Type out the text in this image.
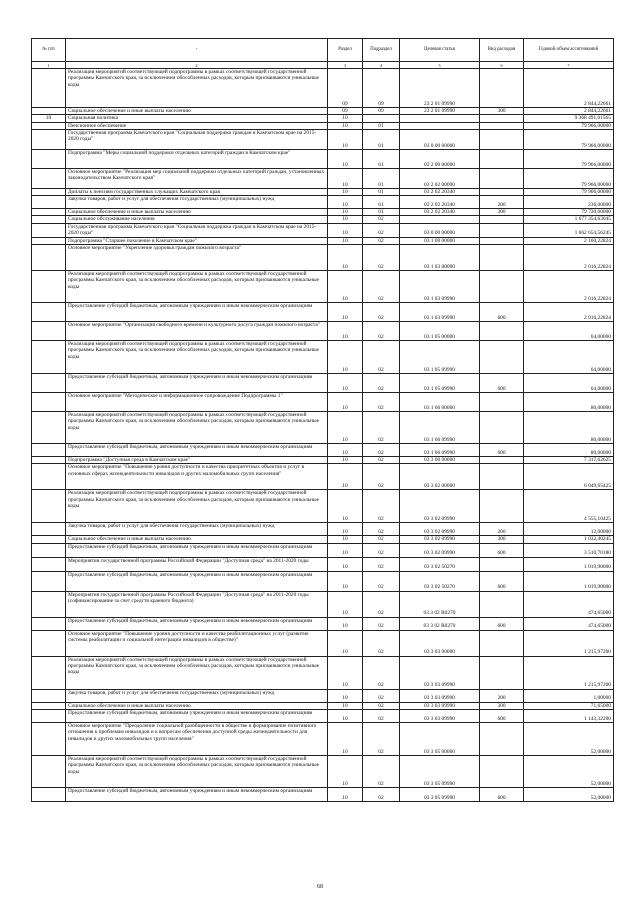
№ п/п	-	Раздел	Подраздел	Целевая статья	Вид расходов	Годовой объем ассигнований
1	2	3	4	5	6	7
	Реализация мероприятий соответствующей подпрограммы в рамках соответствующей государственной программы Камчатского края, за исключением обособленных расходов, которым присваиваются уникальные коды	09	09	23 2 01 09990		2 844,22661
	Социальное обеспечение и иные выплаты населению	09	09	23 2 01 09990	300	2 844,22661
10	Социальная политика	10				9 368 491,61565
	Пенсионное обеспечение	10	01			79 966,00000
	Государственная программа Камчатского края "Социальная поддержка граждан в Камчатском крае на 2015-2020 годы"	10	01	03 0 00 00000		79 966,00000
	Подпрограмма "Меры социальной поддержки отдельных категорий граждан в Камчатском крае"	10	01	03 2 00 00000		79 966,00000
	Основное мероприятие "Реализация мер социальной поддержки отдельных категорий граждан, установленных законодательством Камчатского края"	10	01	03 2 02 00000		79 966,00000
	Доплаты к пенсиям государственных служащих Камчатского края	10	01	03 2 02 20340		79 966,00000
	Закупка товаров, работ и услуг для обеспечения государственных (муниципальных) нужд	10	01	03 2 02 20340	200	236,00000
	Социальное обеспечение и иные выплаты населению	10	01	03 2 02 20340	300	79 730,00000
	Социальное обслуживание населения	10	02			1 677 354,63045
	Государственная программа Камчатского края "Социальная поддержка граждан в Камчатском крае на 2015-2020 годы"	10	02	03 0 00 00000		1 662 654,56245
	Подпрограмма "Старшее поколение в Камчатском крае"	10	02	03 1 00 00000		2 160,22824
	Основное мероприятие "Укрепление здоровья граждан пожилого возраста"	10	02	03 1 03 00000		2 016,22824
	Реализация мероприятий соответствующей подпрограммы в рамках соответствующей государственной программы Камчатского края, за исключением обособленных расходов, которым присваиваются уникальные коды	10	02	03 1 03 09990		2 016,22824
	Предоставление субсидий бюджетным, автономным учреждениям и иным некоммерческим организациям	10	02	03 1 03 09990	600	2 016,22824
	Основное мероприятие "Организация свободного времени и культурного досуга граждан пожилого возраста"	10	02	03 1 05 00000		64,00000
	Реализация мероприятий соответствующей подпрограммы в рамках соответствующей государственной программы Камчатского края, за исключением обособленных расходов, которым присваиваются уникальные коды	10	02	03 1 05 09990		64,00000
	Предоставление субсидий бюджетным, автономным учреждениям и иным некоммерческим организациям	10	02	03 1 05 09990	600	64,00000
	Основное мероприятие "Методическое и информационное сопровождение Подпрограммы 1"	10	02	03 1 06 00000		80,00000
	Реализация мероприятий соответствующей подпрограммы в рамках соответствующей государственной программы Камчатского края, за исключением обособленных расходов, которым присваиваются уникальные коды	10	02	03 1 06 09990		80,00000
	Предоставление субсидий бюджетным, автономным учреждениям и иным некоммерческим организациям	10	02	03 1 06 09990	600	80,00000
	Подпрограмма "Доступная среда в Камчатском крае"	10	02	03 3 00 00000		7 317,62625
	Основное мероприятие "Повышение уровня доступности и качества приоритетных объектов и услуг в основных сферах жизнедеятельности инвалидов и других маломобильных групп населения"	10	02	03 3 02 00000		6 049,65425
	Реализация мероприятий соответствующей подпрограммы в рамках соответствующей государственной программы Камчатского края, за исключением обособленных расходов, которым присваиваются уникальные коды	10	02	03 3 02 09990		4 555,10425
	Закупка товаров, работ и услуг для обеспечения государственных (муниципальных) нужд	10	02	03 3 02 09990	200	12,00000
	Социальное обеспечение и иные выплаты населению	10	02	03 3 02 09990	300	1 032,40245
	Предоставление субсидий бюджетным, автономным учреждениям и иным некоммерческим организациям	10	02	03 3 02 09990	600	3 510,70180
	Мероприятия государственной программы Российской Федерации "Доступная среда" на 2011-2020 годы	10	02	03 3 02 50270		1 019,90000
	Предоставление субсидий бюджетным, автономным учреждениям и иным некоммерческим организациям	10	02	03 3 02 50270	600	1 019,90000
	Мероприятия государственной программы Российской Федерации "Доступная среда" на 2011-2020 годы (софинансирование за счет средств краевого бюджета)	10	02	03 3 02 R0270		474,65000
	Предоставление субсидий бюджетным, автономным учреждениям и иным некоммерческим организациям	10	02	03 3 02 R0270	600	474,65000
	Основное мероприятие "Повышение уровня доступности и качества реабилитационных услуг (развитие системы реабилитации и социальной интеграции инвалидов в обществе)"	10	02	03 3 03 00000		1 215,97200
	Реализация мероприятий соответствующей подпрограммы в рамках соответствующей государственной программы Камчатского края, за исключением обособленных расходов, которым присваиваются уникальные коды	10	02	03 3 03 09990		1 215,97200
	Закупка товаров, работ и услуг для обеспечения государственных (муниципальных) нужд	10	02	03 3 03 09990	200	1,00000
	Социальное обеспечение и иные выплаты населению	10	02	03 3 03 09990	300	71,65000
	Предоставление субсидий бюджетным, автономным учреждениям и иным некоммерческим организациям	10	02	03 3 03 09990	600	1 143,32200
	Основное мероприятие "Преодоление социальной разобщенности в обществе и формирование позитивного отношения к проблемам инвалидов и к вопросам обеспечения доступной среды жизнедеятельности для инвалидов и других маломобильных групп населения"	10	02	03 3 05 00000		52,00000
	Реализация мероприятий соответствующей подпрограммы в рамках соответствующей государственной программы Камчатского края, за исключением обособленных расходов, которым присваиваются уникальные коды	10	02	03 3 05 09990		52,00000
	Предоставление субсидий бюджетным, автономным учреждениям и иным некоммерческим организациям	10	02	03 3 05 09990	600	52,00000
68
